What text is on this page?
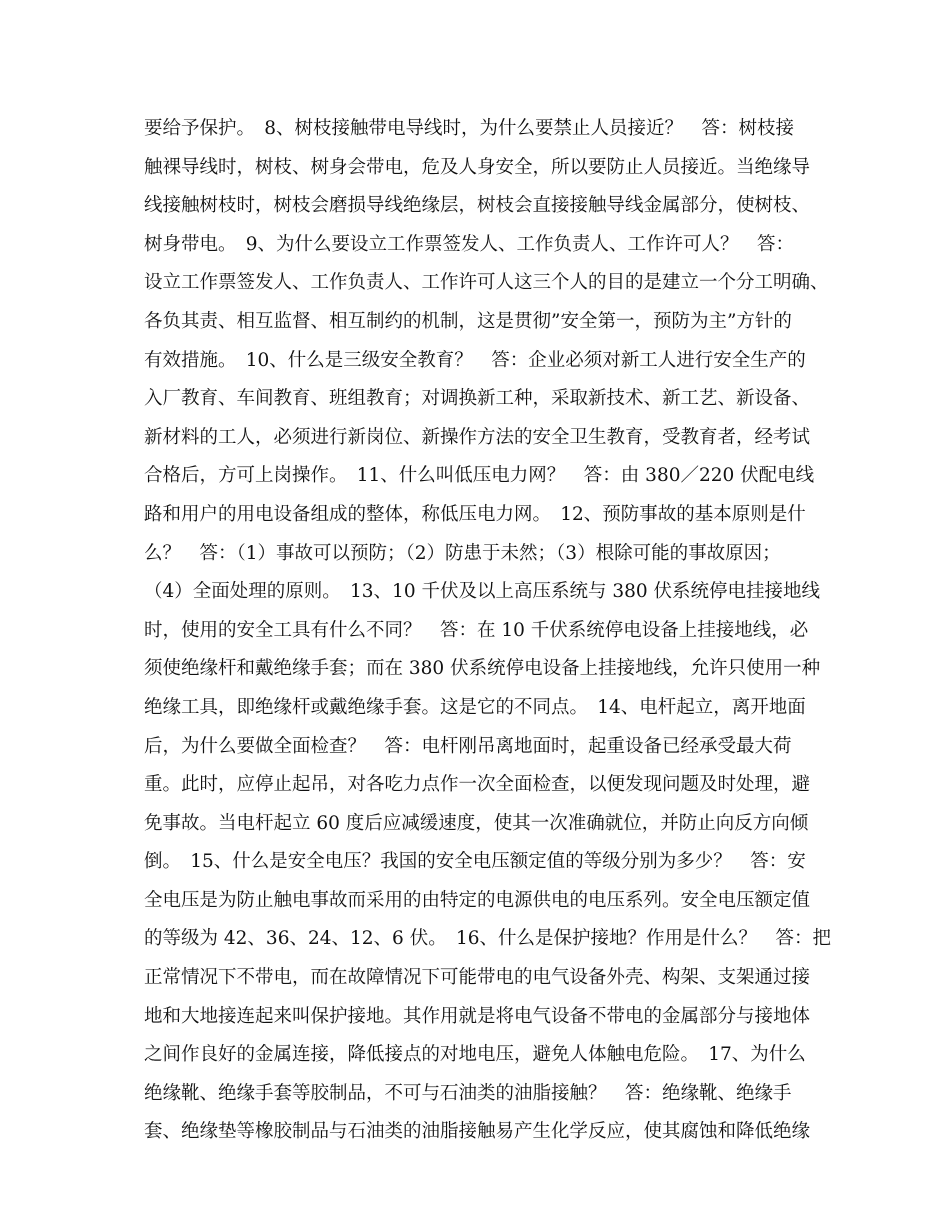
要给予保护。　8、树枝接触带电导线时，为什么要禁止人员接近？　答：树枝接
触裸导线时，树枝、树身会带电，危及人身安全，所以要防止人员接近。当绝缘导
线接触树枝时，树枝会磨损导线绝缘层，树枝会直接接触导线金属部分，使树枝、
树身带电。　9、为什么要设立工作票签发人、工作负责人、工作许可人？　答：
设立工作票签发人、工作负责人、工作许可人这三个人的目的是建立一个分工明确、
各负其责、相互监督、相互制约的机制，这是贯彻”安全第一，预防为主”方针的
有效措施。　10、什么是三级安全教育？　答：企业必须对新工人进行安全生产的
入厂教育、车间教育、班组教育；对调换新工种，采取新技术、新工艺、新设备、
新材料的工人，必须进行新岗位、新操作方法的安全卫生教育，受教育者，经考试
合格后，方可上岗操作。　11、什么叫低压电力网？　答：由 380／220 伏配电线
路和用户的用电设备组成的整体，称低压电力网。　12、预防事故的基本原则是什
么？　答：（1）事故可以预防；（2）防患于未然；（3）根除可能的事故原因；
（4）全面处理的原则。　13、10 千伏及以上高压系统与 380 伏系统停电挂接地线
时，使用的安全工具有什么不同？　答：在 10 千伏系统停电设备上挂接地线，必
须使绝缘杆和戴绝缘手套；而在 380 伏系统停电设备上挂接地线，允许只使用一种
绝缘工具，即绝缘杆或戴绝缘手套。这是它的不同点。　14、电杆起立，离开地面
后，为什么要做全面检查？　答：电杆刚吊离地面时，起重设备已经承受最大荷
重。此时，应停止起吊，对各吃力点作一次全面检查，以便发现问题及时处理，避
免事故。当电杆起立 60 度后应减缓速度，使其一次准确就位，并防止向反方向倾
倒。　15、什么是安全电压？我国的安全电压额定值的等级分别为多少？　答：安
全电压是为防止触电事故而采用的由特定的电源供电的电压系列。安全电压额定值
的等级为 42、36、24、12、6 伏。　16、什么是保护接地？作用是什么？　答：把
正常情况下不带电，而在故障情况下可能带电的电气设备外壳、构架、支架通过接
地和大地接连起来叫保护接地。其作用就是将电气设备不带电的金属部分与接地体
之间作良好的金属连接，降低接点的对地电压，避免人体触电危险。　17、为什么
绝缘靴、绝缘手套等胶制品，不可与石油类的油脂接触？　答：绝缘靴、绝缘手
套、绝缘垫等橡胶制品与石油类的油脂接触易产生化学反应，使其腐蚀和降低绝缘
